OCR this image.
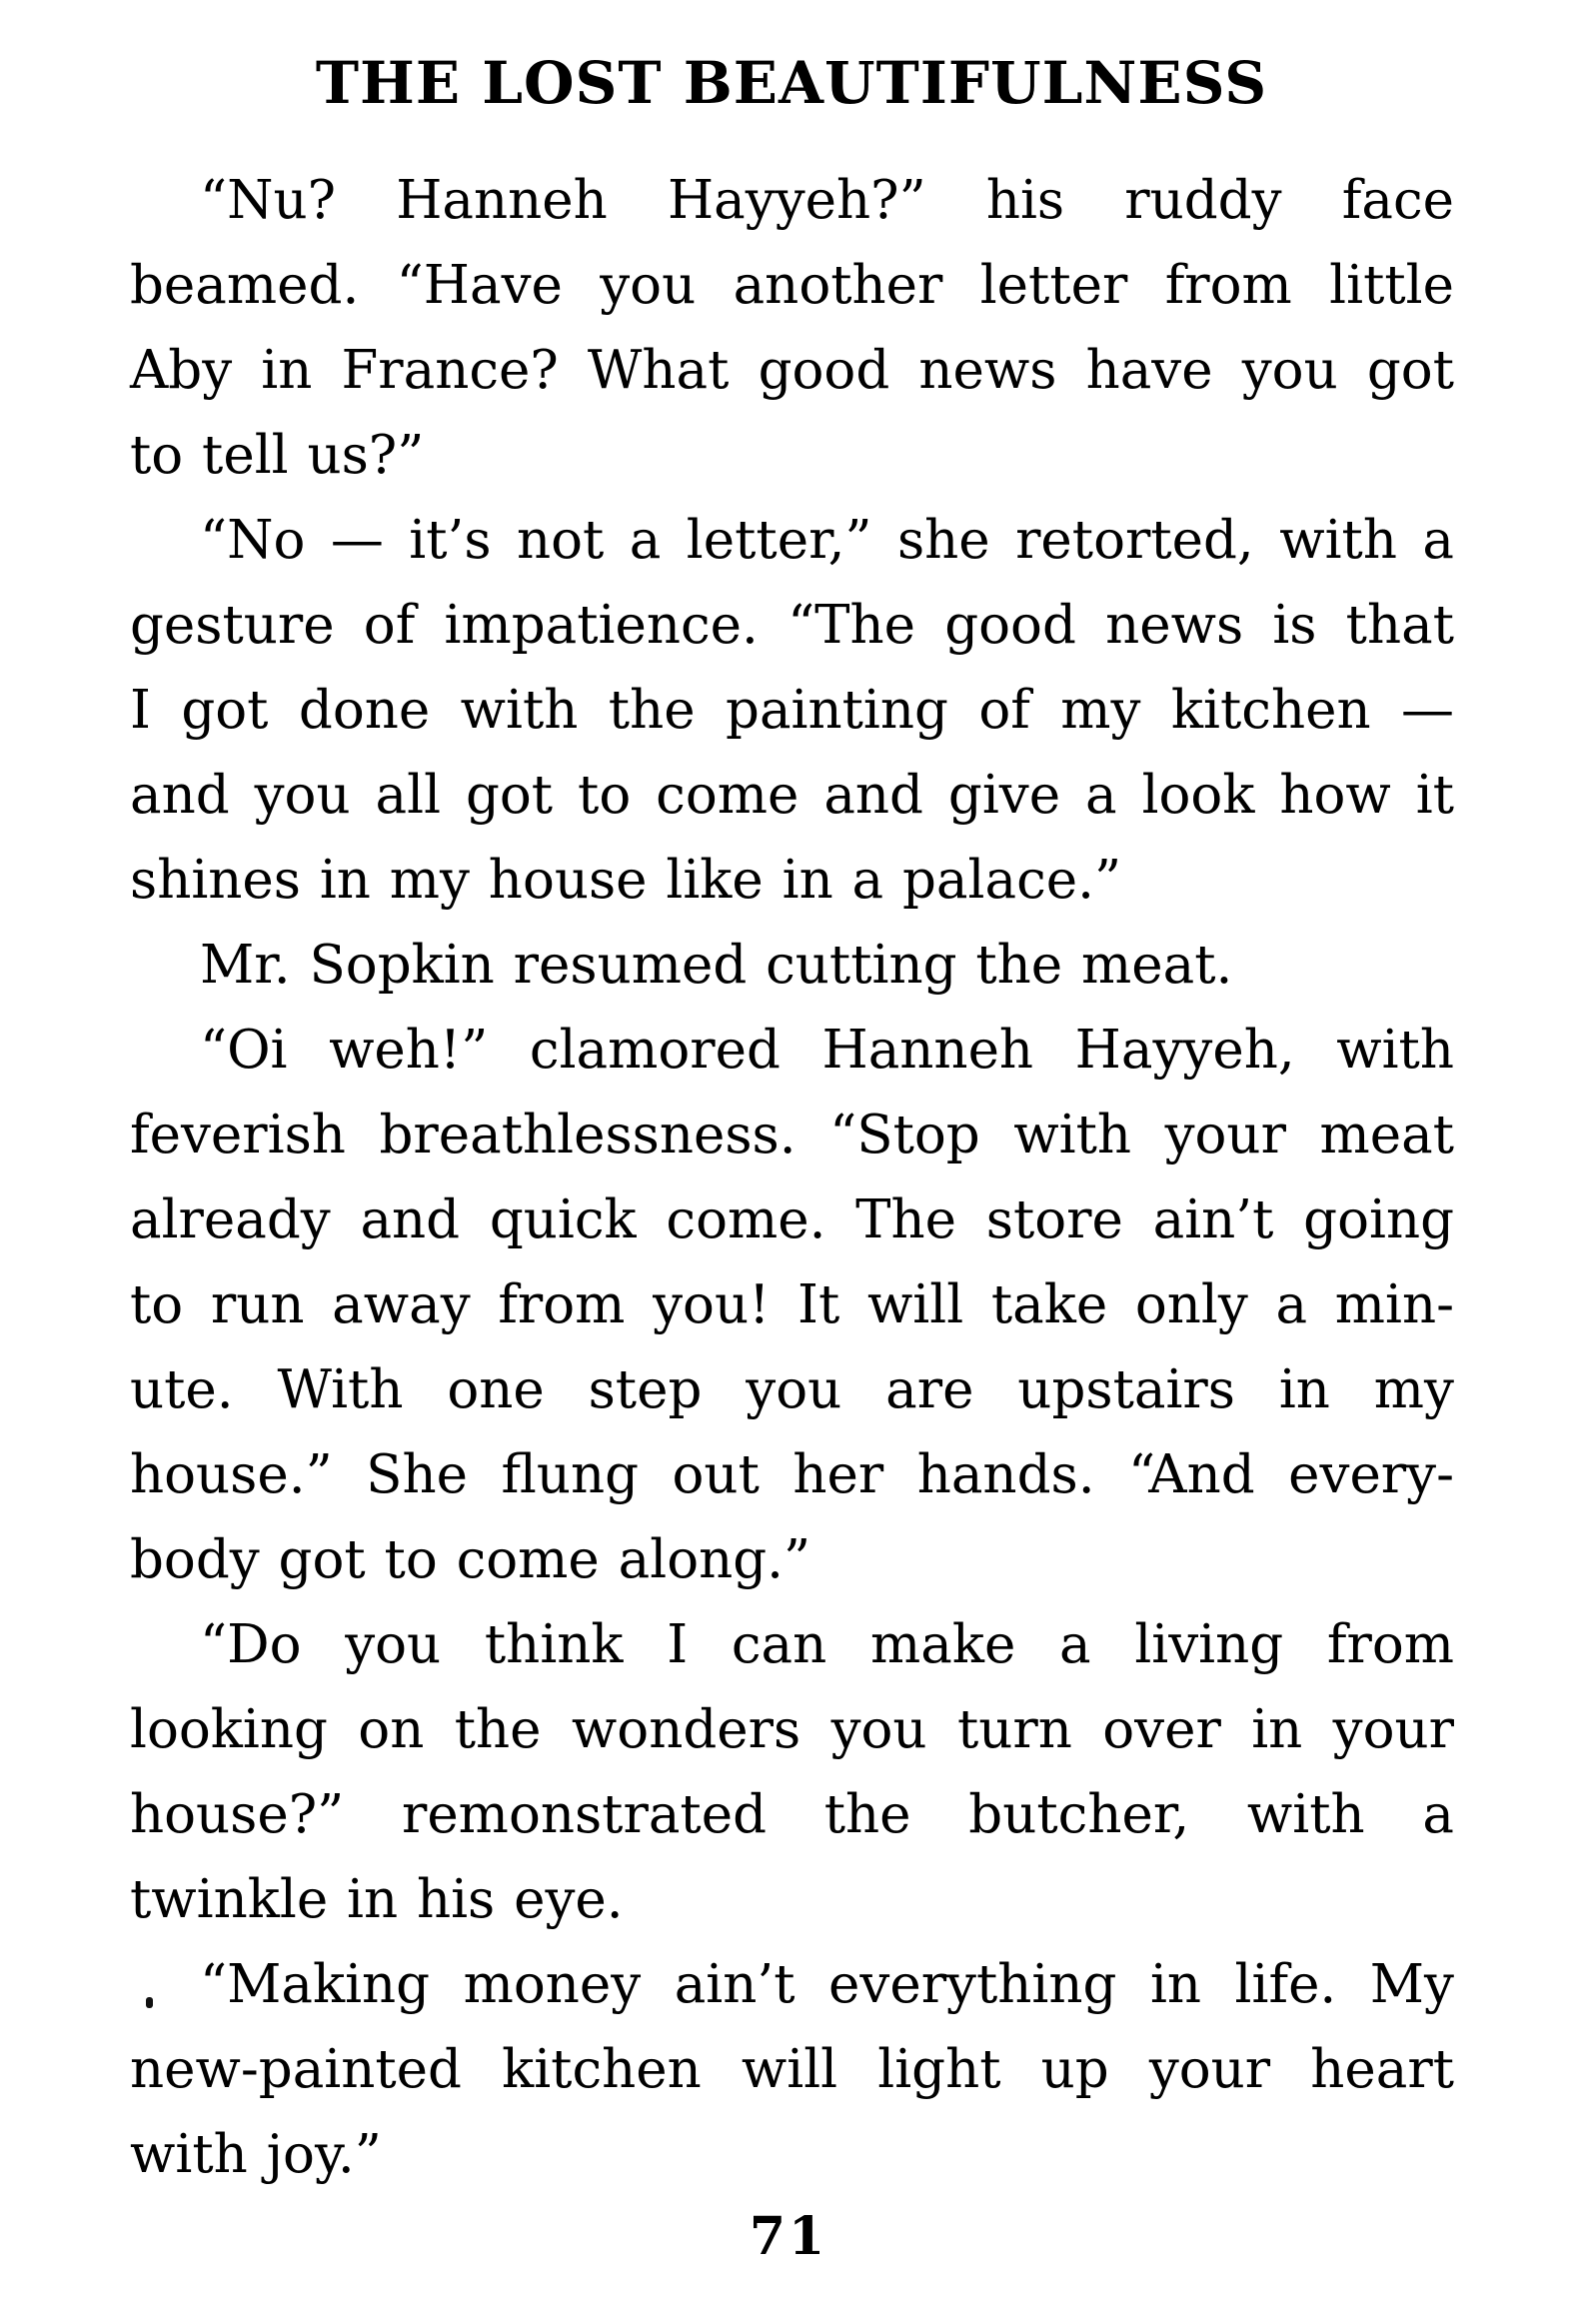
THE LOST BEAUTIFULNESS
“Nu? Hanneh Hayyeh?” his ruddy face
beamed. “Have you another letter from little
Aby in France? What good news have you got
to tell us?”
“No — it’s not a letter,” she retorted, with a
gesture of impatience. “The good news is that
I got done with the painting of my kitchen —
and you all got to come and give a look how it
shines in my house like in a palace.”
Mr. Sopkin resumed cutting the meat.
“Oi weh!” clamored Hanneh Hayyeh, with
feverish breathlessness. “Stop with your meat
already and quick come. The store ain’t going
to run away from you! It will take only a min-
ute. With one step you are upstairs in my
house.” She flung out her hands. “And every-
body got to come along.”
“Do you think I can make a living from
looking on the wonders you turn over in your
house?” remonstrated the butcher, with a
twinkle in his eye.
“Making money ain’t everything in life. My
new-painted kitchen will light up your heart
with joy.”
71
